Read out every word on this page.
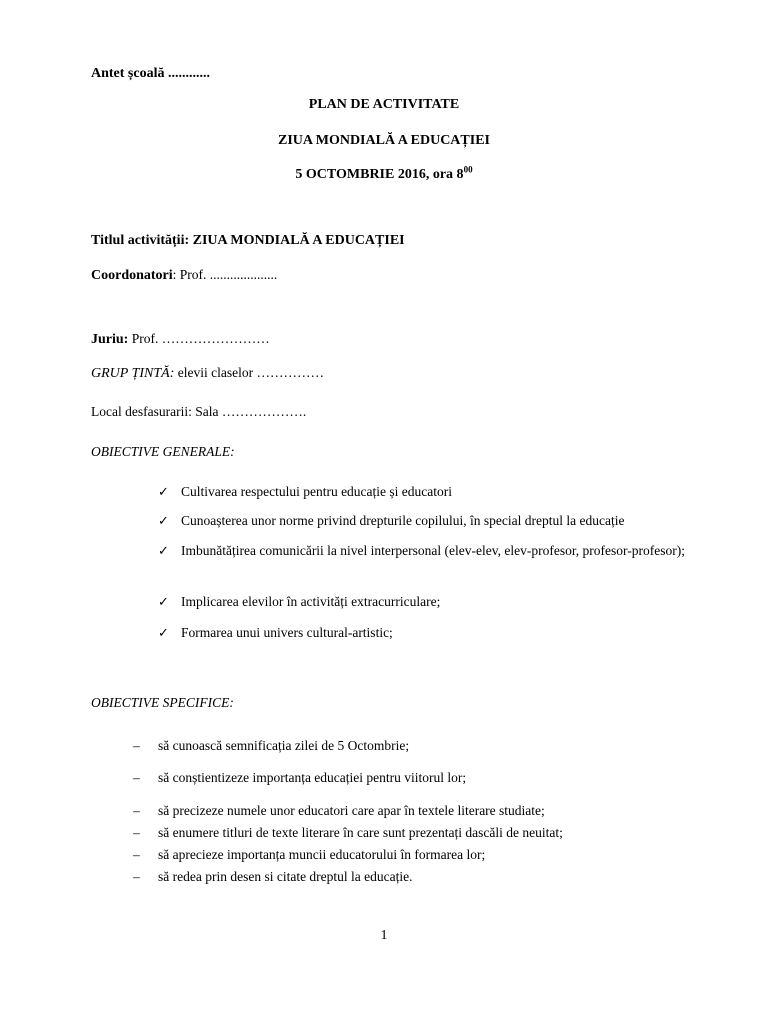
Antet școală ............
PLAN DE ACTIVITATE
ZIUA MONDIALĂ A EDUCAȚIEI
5 OCTOMBRIE 2016, ora $8^{00}$
Titlul activității: ZIUA MONDIALĂ A EDUCAȚIEI
Coordonatori: Prof. ....................
Juriu: Prof. ……………………
GRUP ȚINTĂ: elevii claselor ……………
Local desfasurarii: Sala ……………….
OBIECTIVE GENERALE:
✓ Cultivarea respectului pentru educație și educatori
✓ Cunoașterea unor norme privind drepturile copilului, în special dreptul la educație
✓ Imbunătățirea comunicării la nivel interpersonal (elev-elev, elev-profesor, profesor-profesor);
✓ Implicarea elevilor în activități extracurriculare;
✓ Formarea unui univers cultural-artistic;
OBIECTIVE SPECIFICE:
– să cunoască semnificația zilei de 5 Octombrie;
– să conștientizeze importanța educației pentru viitorul lor;
– să precizeze numele unor educatori care apar în textele literare studiate;
– să enumere titluri de texte literare în care sunt prezentați dascăli de neuitat;
– să aprecieze importanța muncii educatorului în formarea lor;
– să redea prin desen si citate dreptul la educație.
1
